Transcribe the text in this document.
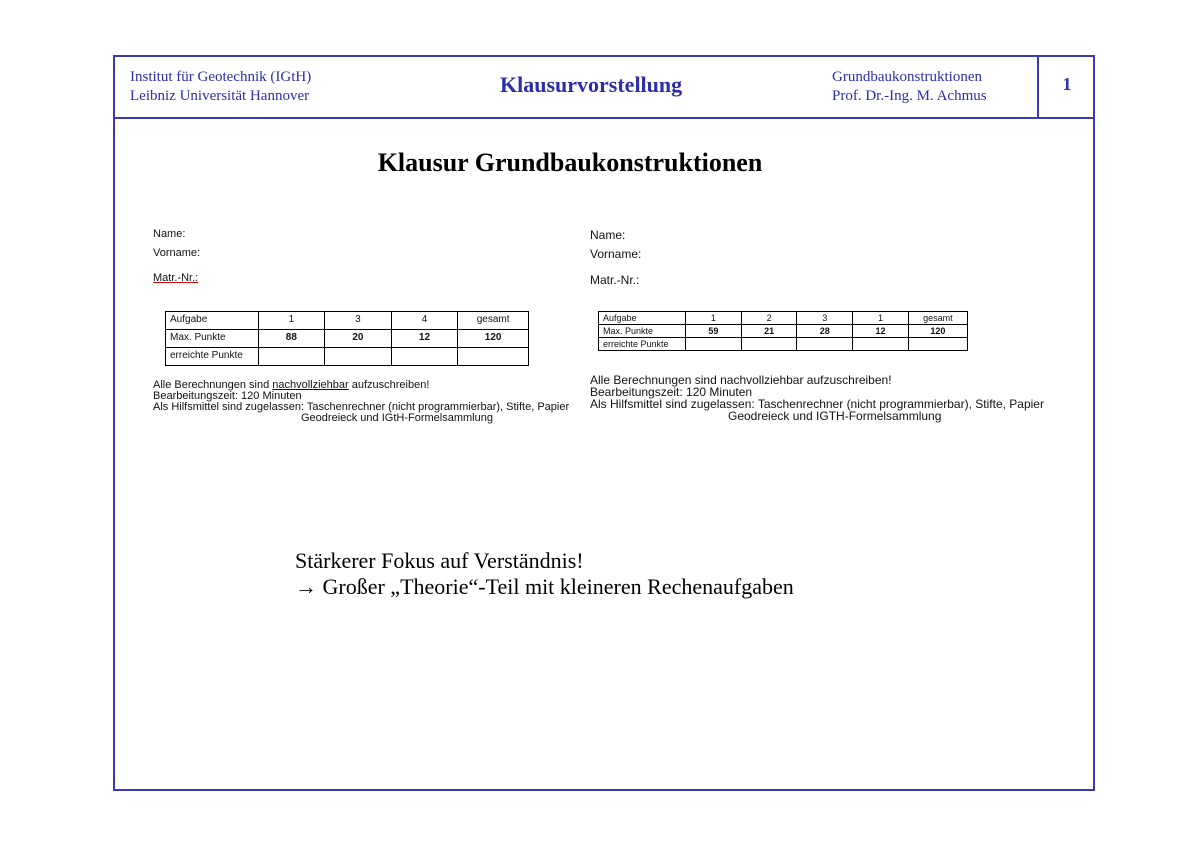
Institut für Geotechnik (IGtH)
Leibniz Universität Hannover	Klausurvorstellung	Grundbaukonstruktionen
Prof. Dr.-Ing. M. Achmus
1
Klausur Grundbaukonstruktionen
Name:
Vorname:
Matr.-Nr.:
Aufgabe	1	3	4	gesamt
Max. Punkte	88	20	12	120
erreichte Punkte				
Alle Berechnungen sind nachvollziehbar aufzuschreiben!
Bearbeitungszeit: 120 Minuten
Als Hilfsmittel sind zugelassen: Taschenrechner (nicht programmierbar), Stifte, Papier
Geodreieck und IGtH-Formelsammlung
Name:
Vorname:
Matr.-Nr.:
Aufgabe	1	2	3	1	gesamt
Max. Punkte	59	21	28	12	120
erreichte Punkte					
Alle Berechnungen sind nachvollziehbar aufzuschreiben!
Bearbeitungszeit: 120 Minuten
Als Hilfsmittel sind zugelassen: Taschenrechner (nicht programmierbar), Stifte, Papier
Geodreieck und IGTH-Formelsammlung
Stärkerer Fokus auf Verständnis!
→ Großer „Theorie“-Teil mit kleineren Rechenaufgaben
